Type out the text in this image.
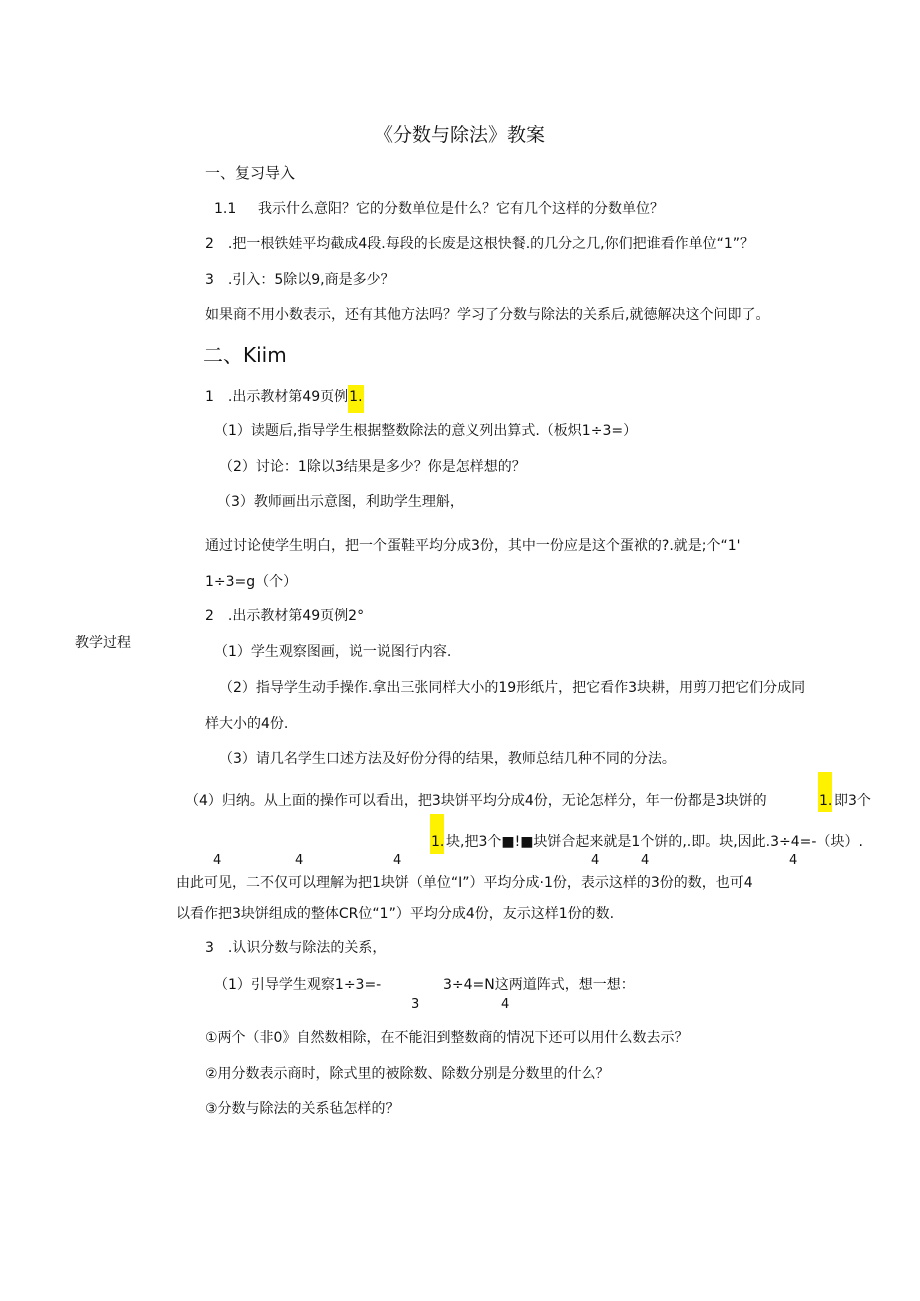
《分数与除法》教案
教学过程
一、复习导入
1.1 我示什么意阳？它的分数单位是什么？它有几个这样的分数单位？
2　.把一根铁娃平均截成4段.每段的长废是这根快餐.的几分之几,你们把谁看作单位“1”？
3　.引入：5除以9,商是多少？
如果商不用小数表示，还有其他方法吗？学习了分数与除法的关系后,就德解决这个问即了。
二、Kiim
1　.出示教材第49页例1.
（1）读题后,指导学生根据整数除法的意义列出算式.（板炽1÷3=）
（2）讨论：1除以3结果是多少？你是怎样想的？
（3）教师画出示意图，利助学生理斛，
通过讨论使学生明白，把一个蛋鞋平均分成3份，其中一份应是这个蛋袱的?.就是;个“1'
1÷3=g（个）
2　.出示教材第49页例2°
（1）学生观察图画，说一说图行内容.
（2）指导学生动手操作.拿出三张同样大小的19形纸片，把它看作3块耕，用剪刀把它们分成同
样大小的4份.
（3）请几名学生口述方法及好份分得的结果，教师总结几种不同的分法。
（4）归纳。从上面的操作可以看出，把3块饼平均分成4份，无论怎样分，年一份都是3块饼的	1. 即3个
1. 块,把3个■!■块饼合起来就是1个饼的,.即。块,因此.3÷4=-（块）.
4	4	4	4	4	4
由此可见，二不仅可以理解为把1块饼（单位“I”）平均分成·1份，表示这样的3份的数，也可4
以看作把3块饼组成的整体CR位“1”）平均分成4份，友示这样1份的数.
3　.认识分数与除法的关系，
（1）引导学生观察1÷3=-	3÷4=N这两道阵式，想一想：
3	4
①两个（非0》自然数相除，在不能汨到整数商的情况下还可以用什么数去示？
②用分数表示商时，除式里的被除数、除数分别是分数里的什么？
③分数与除法的关系毡怎样的？
